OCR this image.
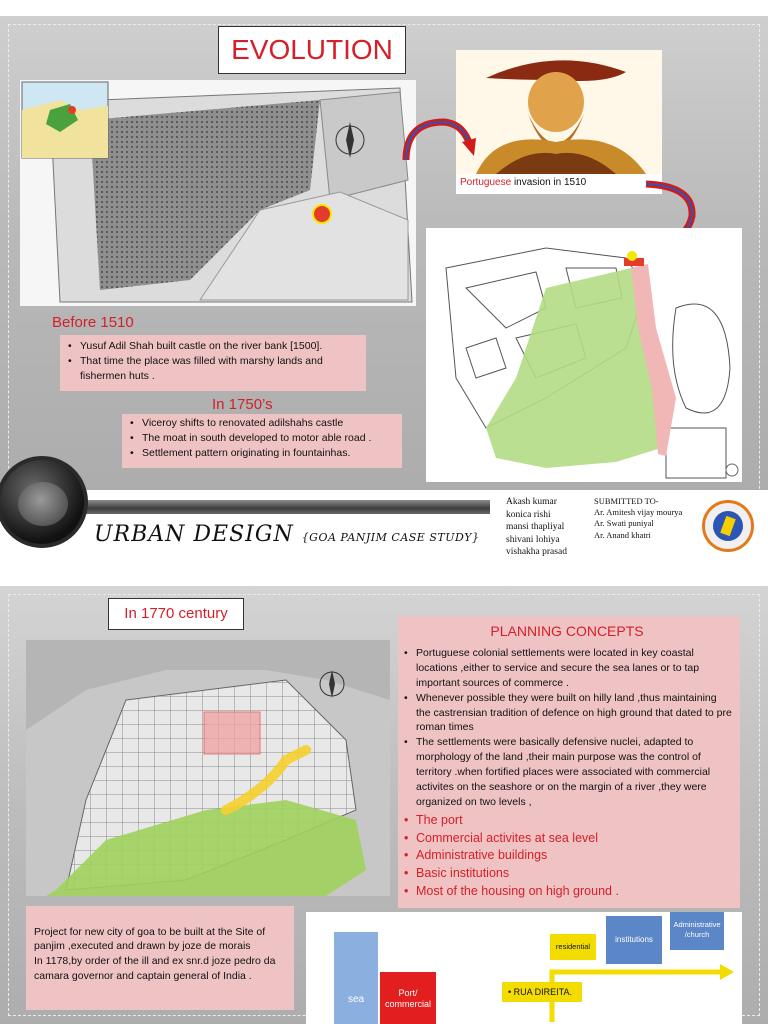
EVOLUTION
Portuguese invasion in 1510
Before 1510
• Yusuf Adil Shah built castle on the river bank [1500].
• That time the place was filled with marshy lands and fishermen huts .
In 1750’s
• Viceroy shifts to renovated adilshahs castle
• The moat in south developed to motor able road .
• Settlement pattern originating in fountainhas.
URBAN DESIGN {GOA PANJIM CASE STUDY}
Akash kumar
konica rishi
mansi thapliyal
shivani lohiya
vishakha prasad
SUBMITTED TO-
Ar. Amitesh vijay mourya
Ar. Swati puniyal
Ar. Anand khatri
In 1770 century
PLANNING CONCEPTS
• Portuguese colonial settlements were located in key coastal locations ,either to service and secure the sea lanes or to tap important sources of commerce .
• Whenever possible they were built on hilly land ,thus maintaining the castrensian tradition of defence on high ground that dated to pre roman times
• The settlements were basically defensive nuclei, adapted to morphology of the land ,their main purpose was the control of territory .when fortified places were associated with commercial activites on the seashore or on the margin of a river ,they were organized on two levels ,
• The port
• Commercial activites at sea level
• Administrative buildings
• Basic institutions
• Most of the housing on high ground .

Project for new city of goa to be built at the Site of panjim ,executed and drawn by joze de morais
In 1178,by order of the ill and ex snr.d joze pedro da camara governor and captain general of India .

sea
Port/ commercial
residential
institutions
Administrative /church
• RUA DIREITA.
